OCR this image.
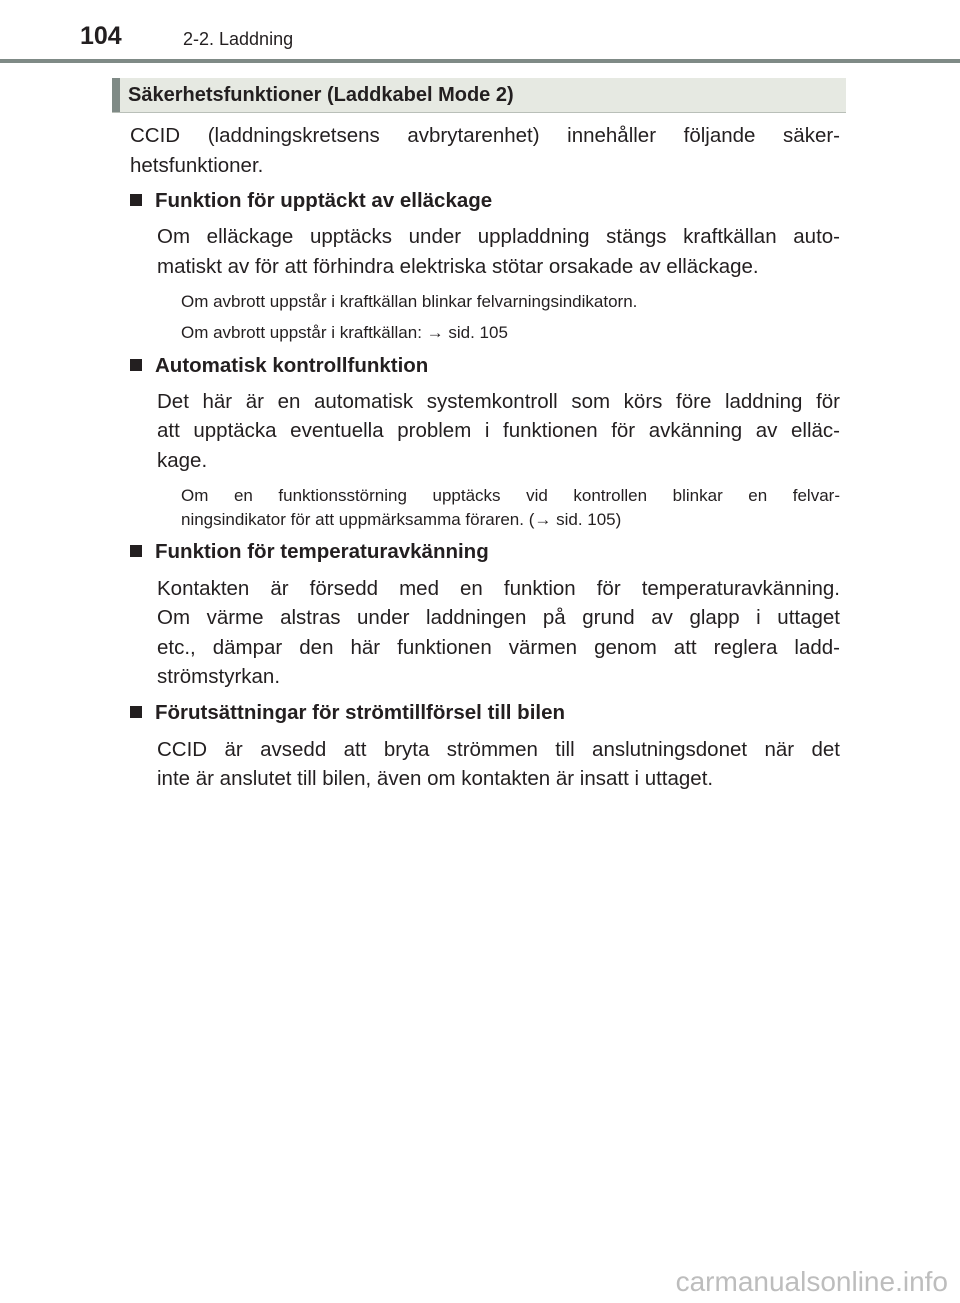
104	2-2. Laddning
Säkerhetsfunktioner (Laddkabel Mode 2)
CCID (laddningskretsens avbrytarenhet) innehåller följande säker-
hetsfunktioner.
Funktion för upptäckt av elläckage
Om elläckage upptäcks under uppladdning stängs kraftkällan auto-
matiskt av för att förhindra elektriska stötar orsakade av elläckage.
Om avbrott uppstår i kraftkällan blinkar felvarningsindikatorn.
Om avbrott uppstår i kraftkällan: → sid. 105
Automatisk kontrollfunktion
Det här är en automatisk systemkontroll som körs före laddning för
att upptäcka eventuella problem i funktionen för avkänning av elläc-
kage.
Om en funktionsstörning upptäcks vid kontrollen blinkar en felvar-
ningsindikator för att uppmärksamma föraren. (→ sid. 105)
Funktion för temperaturavkänning
Kontakten är försedd med en funktion för temperaturavkänning.
Om värme alstras under laddningen på grund av glapp i uttaget
etc., dämpar den här funktionen värmen genom att reglera ladd-
strömstyrkan.
Förutsättningar för strömtillförsel till bilen
CCID är avsedd att bryta strömmen till anslutningsdonet när det
inte är anslutet till bilen, även om kontakten är insatt i uttaget.
carmanualsonline.info
